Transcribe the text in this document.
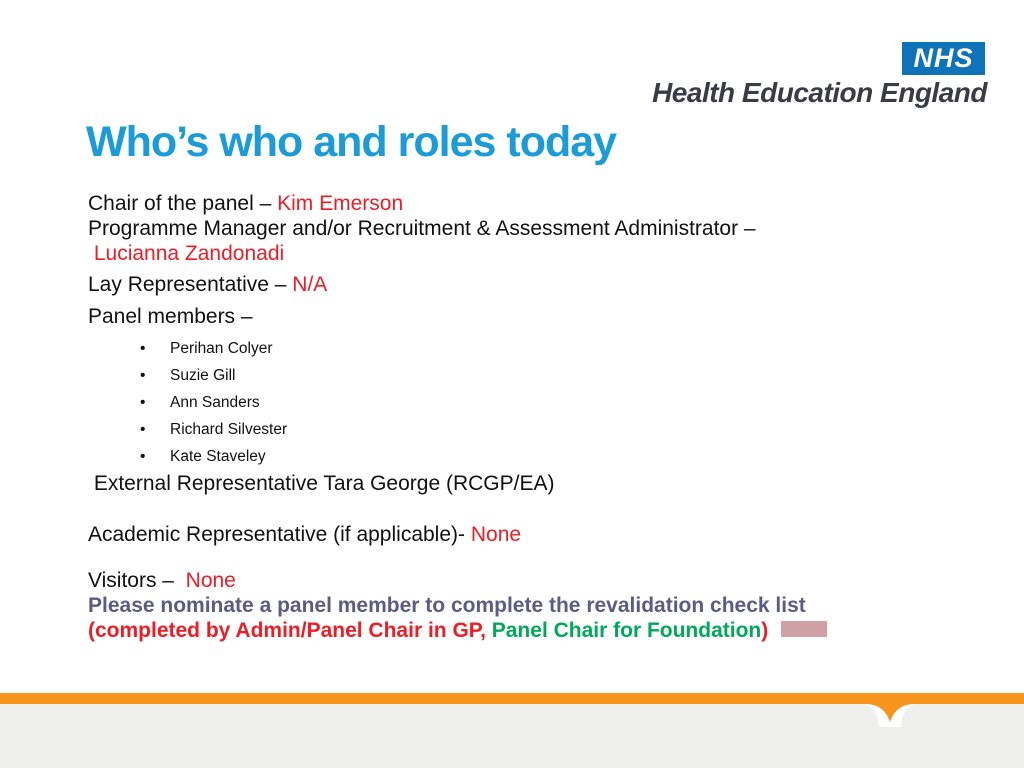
NHS
Health Education England
Who’s who and roles today
Chair of the panel – Kim Emerson
Programme Manager and/or Recruitment & Assessment Administrator –
Lucianna Zandonadi
Lay Representative – N/A
Panel members –
• Perihan Colyer
• Suzie Gill
• Ann Sanders
• Richard Silvester
• Kate Staveley
External Representative Tara George (RCGP/EA)
Academic Representative (if applicable)- None
Visitors –  None
Please nominate a panel member to complete the revalidation check list
(completed by Admin/Panel Chair in GP, Panel Chair for Foundation)
